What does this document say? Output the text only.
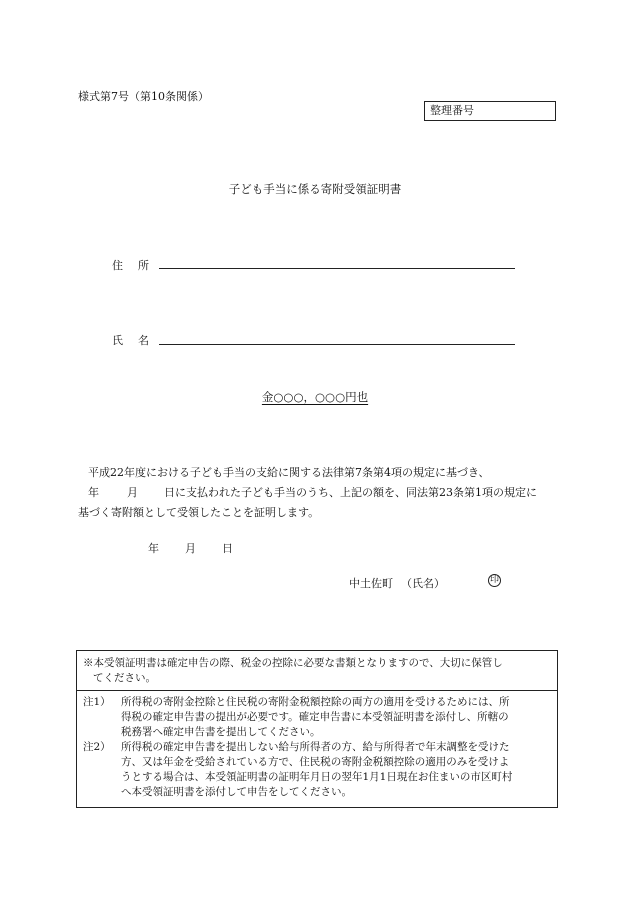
様式第7号（第10条関係）
整理番号
子ども手当に係る寄附受領証明書
住 所
氏 名
金○○○，○○○円也
平成22年度における子ども手当の支給に関する法律第7条第4項の規定に基づき、
年	月 日に支払われた子ども手当のうち、上記の額を、同法第23条第1項の規定に
基づく寄附額として受領したことを証明します。
年 月 日
中土佐町 （氏名）	印
※本受領証明書は確定申告の際、税金の控除に必要な書類となりますので、大切に保管し
てください。
注1） 所得税の寄附金控除と住民税の寄附金税額控除の両方の適用を受けるためには、所
得税の確定申告書の提出が必要です。確定申告書に本受領証明書を添付し、所轄の
税務署へ確定申告書を提出してください。
注2） 所得税の確定申告書を提出しない給与所得者の方、給与所得者で年末調整を受けた
方、又は年金を受給されている方で、住民税の寄附金税額控除の適用のみを受けよ
うとする場合は、本受領証明書の証明年月日の翌年1月1日現在お住まいの市区町村
へ本受領証明書を添付して申告をしてください。
